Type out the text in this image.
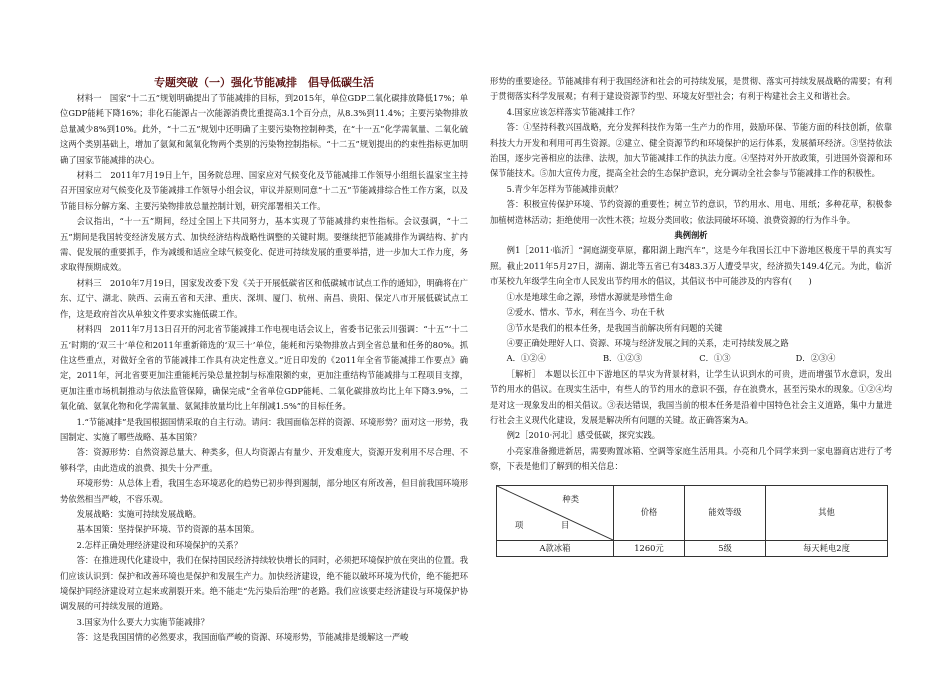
专题突破（一）强化节能减排　倡导低碳生活

材料一　国家“十二五”规划明确提出了节能减排的目标，到2015年，单位GDP二氧化碳排放降低17%；单位GDP能耗下降16%；非化石能源占一次能源消费比重提高3.1个百分点，从8.3%到11.4%；主要污染物排放总量减少8%到10%。此外，“十二五”规划中还明确了主要污染物控制种类，在“十一五”化学需氧量、二氧化硫这两个类别基础上，增加了氨氮和氮氧化物两个类别的污染物控制指标。“十二五”规划提出的约束性指标更加明确了国家节能减排的决心。

材料二　2011年7月19日上午，国务院总理、国家应对气候变化及节能减排工作领导小组组长温家宝主持召开国家应对气候变化及节能减排工作领导小组会议，审议并原则同意“十二五”节能减排综合性工作方案，以及节能目标分解方案、主要污染物排放总量控制计划，研究部署相关工作。

会议指出，“十一五”期间，经过全国上下共同努力，基本实现了节能减排约束性指标。会议强调，“十二五”期间是我国转变经济发展方式、加快经济结构战略性调整的关键时期。要继续把节能减排作为调结构、扩内需、促发展的重要抓手，作为减缓和适应全球气候变化、促进可持续发展的重要举措，进一步加大工作力度，务求取得预期成效。

材料三　2010年7月19日，国家发改委下发《关于开展低碳省区和低碳城市试点工作的通知》，明确将在广东、辽宁、湖北、陕西、云南五省和天津、重庆、深圳、厦门、杭州、南昌、贵阳、保定八市开展低碳试点工作，这是政府首次从单独文件要求实施低碳工作。

材料四　2011年7月13日召开的河北省节能减排工作电视电话会议上，省委书记张云川强调：“十五”‘十二五’时期的‘双三十’单位和2011年重新筛选的‘双三十’单位，能耗和污染物排放占到全省总量和任务的80%。抓住这些重点，对做好全省的节能减排工作具有决定性意义。”近日印发的《2011年全省节能减排工作要点》确定，2011年，河北省要更加注重能耗污染总量控制与标准限额约束，更加注重结构节能减排与工程项目支撑，更加注重市场机制推动与依法监管保障，确保完成“全省单位GDP能耗、二氧化碳排放均比上年下降3.9%，二氧化硫、氨氧化物和化学需氧量、氨氮排放量均比上年削减1.5%”的目标任务。

1.“节能减排”是我国根据国情采取的自主行动。请问：我国面临怎样的资源、环境形势？面对这一形势，我国制定、实施了哪些战略、基本国策？

答：资源形势：自然资源总量大、种类多，但人均资源占有量少、开发难度大，资源开发利用不尽合理、不够科学，由此造成的浪费、损失十分严重。

环境形势：从总体上看，我国生态环境恶化的趋势已初步得到遏制，部分地区有所改善，但目前我国环境形势依然相当严峻，不容乐观。

发展战略：实施可持续发展战略。

基本国策：坚持保护环境、节约资源的基本国策。

2.怎样正确处理经济建设和环境保护的关系？

答：在推进现代化建设中，我们在保持国民经济持续较快增长的同时，必须把环境保护放在突出的位置。我们应该认识到：保护和改善环境也是保护和发展生产力。加快经济建设，绝不能以破坏环境为代价，绝不能把环境保护同经济建设对立起来或割裂开来。绝不能走“先污染后治理”的老路。我们应该要走经济建设与环境保护协调发展的可持续发展的道路。

3.国家为什么要大力实施节能减排？

答：这是我国国情的必然要求，我国面临严峻的资源、环境形势，节能减排是缓解这一严峻

形势的重要途径。节能减排有利于我国经济和社会的可持续发展，是贯彻、落实可持续发展战略的需要；有利于贯彻落实科学发展观；有利于建设资源节约型、环境友好型社会；有利于构建社会主义和谐社会。

4.国家应该怎样落实节能减排工作？

答：①坚持科教兴国战略，充分发挥科技作为第一生产力的作用，鼓励环保、节能方面的科技创新，依靠科技大力开发和利用可再生资源。②建立、健全资源节约和环境保护的运行体系，发展循环经济。③坚持依法治国，逐步完善相应的法律、法规，加大节能减排工作的执法力度。④坚持对外开放政策，引进国外资源和环保节能技术。⑤加大宣传力度，提高全社会的生态保护意识，充分调动全社会参与节能减排工作的积极性。

5.青少年怎样为节能减排贡献？

答：积极宣传保护环境、节约资源的重要性；树立节约意识，节约用水、用电、用纸；多种花草，积极参加植树造林活动；拒绝使用一次性木筷；垃圾分类回收；依法同破坏环境、浪费资源的行为作斗争。

典例剖析

例1［2011·临沂］“洞庭湖变草原，鄱阳湖上跑汽车”，这是今年我国长江中下游地区极度干旱的真实写照。截止2011年5月27日，湖南、湖北等五省已有3483.3万人遭受旱灾，经济损失149.4亿元。为此，临沂市某校九年级学生向全市人民发出节约用水的倡议，其倡议书中可能涉及的内容有(　　)

①水是地球生命之源，珍惜水源就是珍惜生命

②爱水、惜水、节水，利在当今、功在千秋

③节水是我们的根本任务，是我国当前解决所有问题的关键

④要正确处理好人口、资源、环境与经济发展之间的关系，走可持续发展之路

A．①②④	B．①②③	C．①③	D．②③④

［解析］　本题以长江中下游地区的旱灾为背景材料，让学生认识到水的可贵，进而增强节水意识，发出节约用水的倡议。在现实生活中，有些人的节约用水的意识不强，存在浪费水，甚至污染水的现象。①②④均是对这一现象发出的相关倡议。③表达错误，我国当前的根本任务是沿着中国特色社会主义道路，集中力量进行社会主义现代化建设，发展是解决所有问题的关键。故正确答案为A。

例2［2010·河北］感受低碳，探究实践。

小亮家准备搬进新居，需要购置冰箱、空调等家庭生活用具。小亮和几个同学来到一家电器商店进行了考察，下表是他们了解到的相关信息：

种类
项 目	价格	能效等级	其他
A款冰箱	1260元	5级	每天耗电2度
